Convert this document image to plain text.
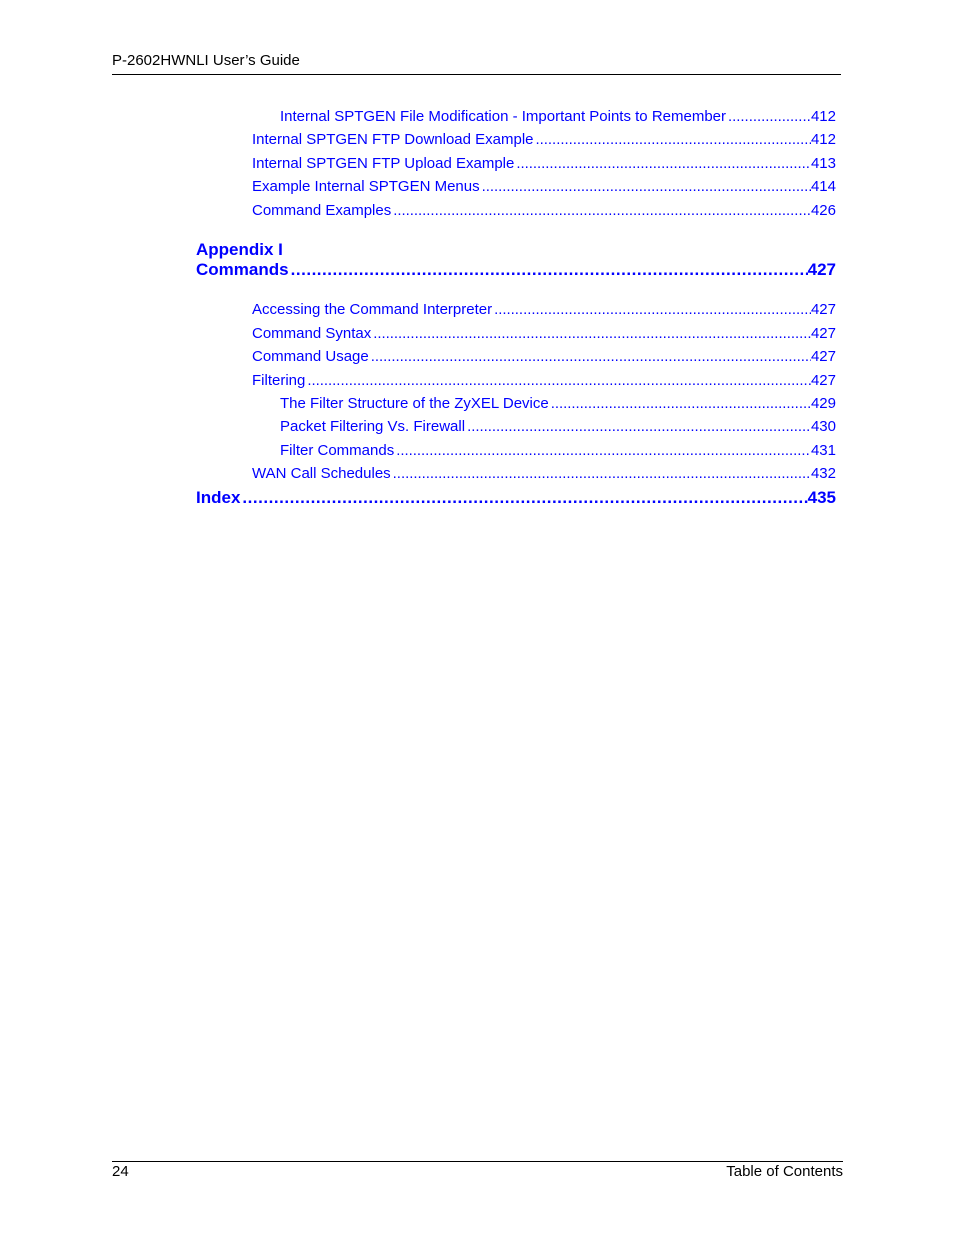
P-2602HWNLI User’s Guide
Internal SPTGEN File Modification - Important Points to Remember . . .	412
Internal SPTGEN FTP Download Example . . .	412
Internal SPTGEN FTP Upload Example . . .	413
Example Internal SPTGEN Menus . . .	414
Command Examples . . .	426
Appendix I
Commands . . .	427
Accessing the Command Interpreter . . .	427
Command Syntax . . .	427
Command Usage . . .	427
Filtering . . .	427
The Filter Structure of the ZyXEL Device . . .	429
Packet Filtering Vs. Firewall . . .	430
Filter Commands . . .	431
WAN Call Schedules . . .	432
Index . . .	435
24	Table of Contents
